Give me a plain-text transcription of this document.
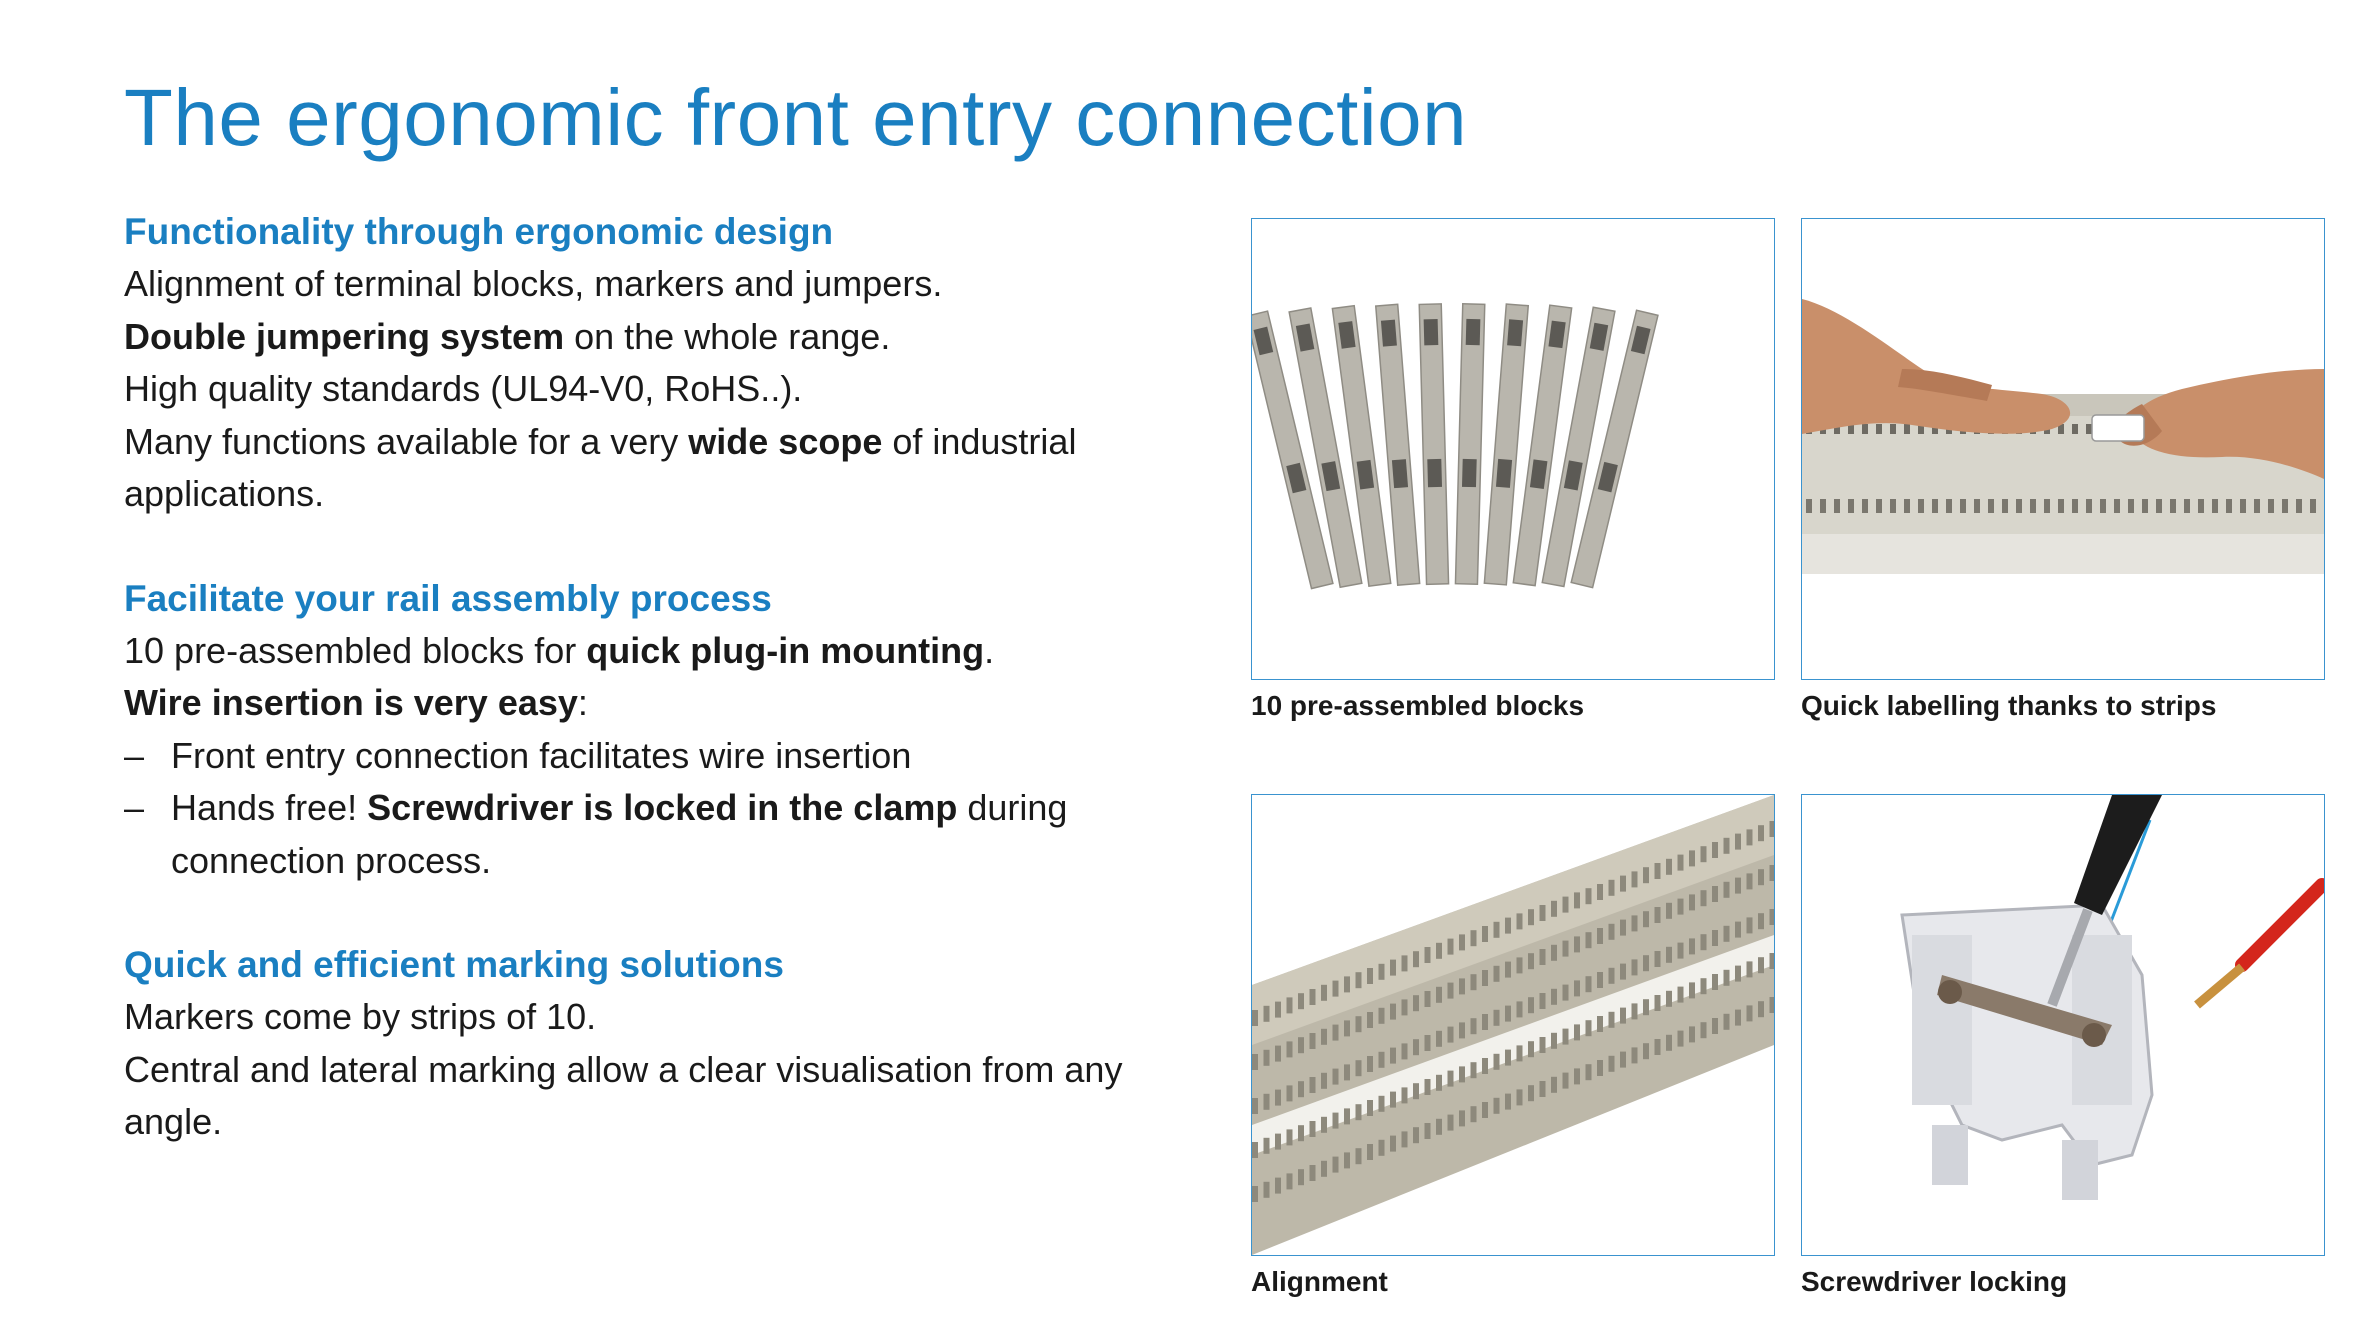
The ergonomic front entry connection

Functionality through ergonomic design

Alignment of terminal blocks, markers and jumpers.

Double jumpering system on the whole range.

High quality standards (UL94-V0, RoHS..).

Many functions available for a very wide scope of industrial applications.

Facilitate your rail assembly process

10 pre-assembled blocks for quick plug-in mounting.

Wire insertion is very easy:

– Front entry connection facilitates wire insertion
– Hands free! Screwdriver is locked in the clamp during connection process.

Quick and efficient marking solutions

Markers come by strips of 10.

Central and lateral marking allow a clear visualisation from any angle.

10 pre-assembled blocks	Quick labelling thanks to strips
Alignment	Screwdriver locking
